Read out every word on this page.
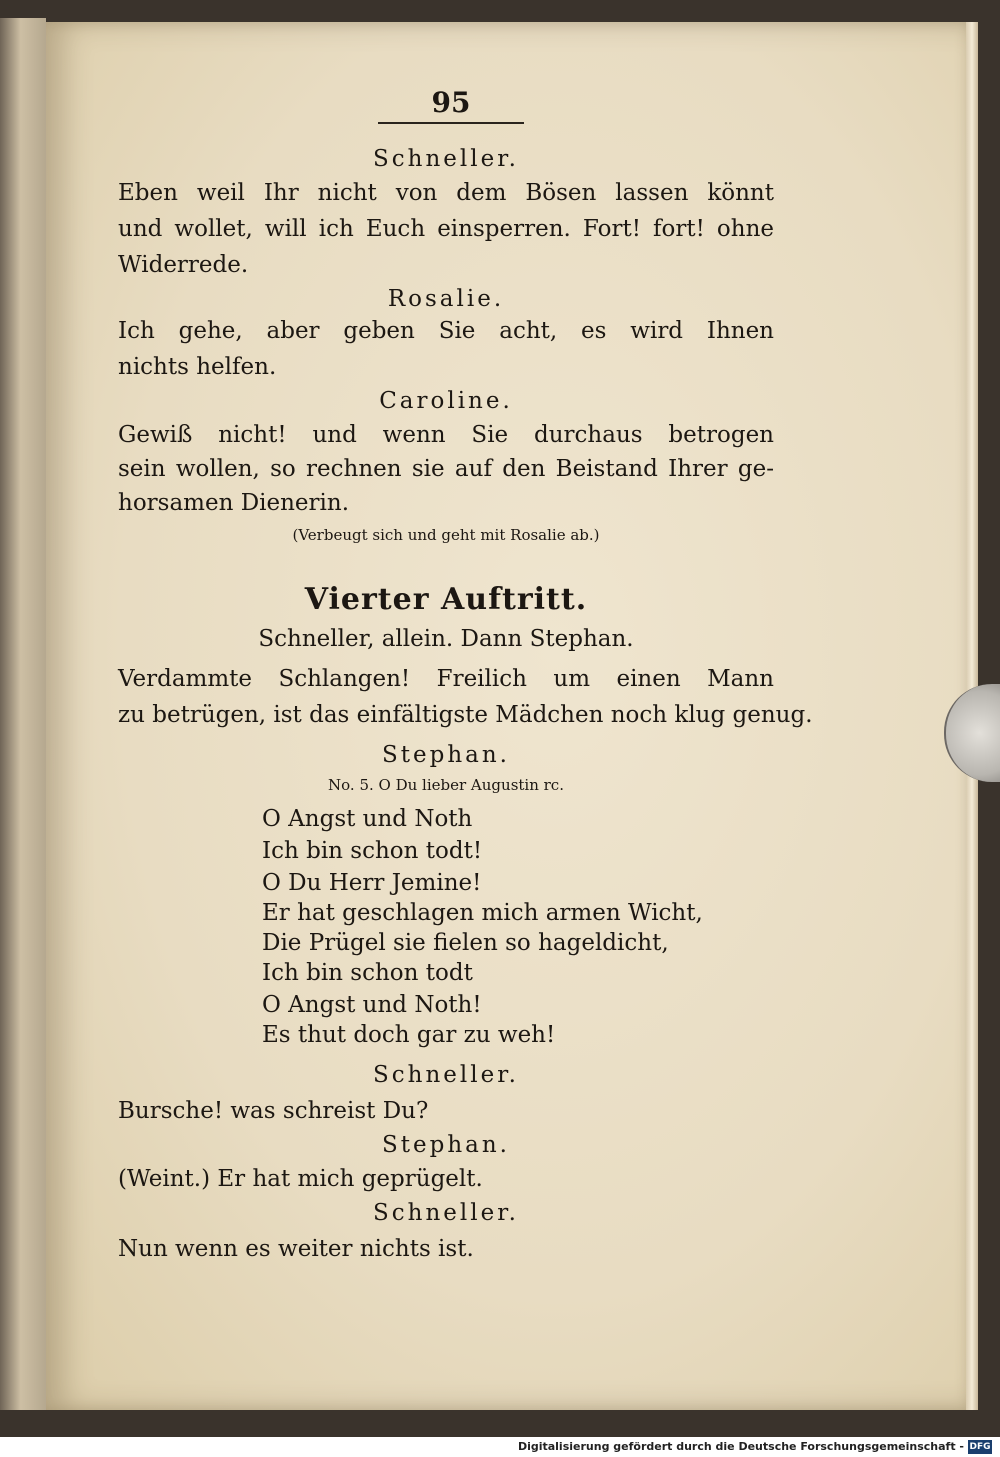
95
Schneller.
Eben weil Ihr nicht von dem Bösen lassen könnt
und wollet, will ich Euch einsperren. Fort! fort! ohne
Widerrede.
Rosalie.
Ich gehe, aber geben Sie acht, es wird Ihnen
nichts helfen.
Caroline.
Gewiß nicht! und wenn Sie durchaus betrogen
sein wollen, so rechnen sie auf den Beistand Ihrer ge-
horsamen Dienerin.
(Verbeugt sich und geht mit Rosalie ab.)
Vierter Auftritt.
Schneller, allein. Dann Stephan.
Verdammte Schlangen! Freilich um einen Mann
zu betrügen, ist das einfältigste Mädchen noch klug genug.
Stephan.
No. 5. O Du lieber Augustin rc.
O Angst und Noth
Ich bin schon todt!
O Du Herr Jemine!
Er hat geschlagen mich armen Wicht,
Die Prügel sie fielen so hageldicht,
Ich bin schon todt
O Angst und Noth!
Es thut doch gar zu weh!
Schneller.
Bursche! was schreist Du?
Stephan.
(Weint.) Er hat mich geprügelt.
Schneller.
Nun wenn es weiter nichts ist.
Digitalisierung gefördert durch die Deutsche Forschungsgemeinschaft - DFG
